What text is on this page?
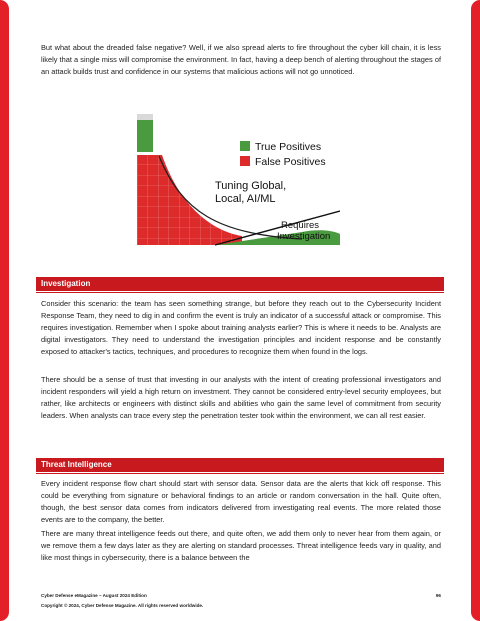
But what about the dreaded false negative? Well, if we also spread alerts to fire throughout the cyber kill chain, it is less likely that a single miss will compromise the environment. In fact, having a deep bench of alerting throughout the stages of an attack builds trust and confidence in our systems that malicious actions will not go unnoticed.

True Positives
False Positives
Tuning Global,
Local, AI/ML
Requires
Investigation
Investigation

Consider this scenario: the team has seen something strange, but before they reach out to the Cybersecurity Incident Response Team, they need to dig in and confirm the event is truly an indicator of a successful attack or compromise. This requires investigation. Remember when I spoke about training analysts earlier? This is where it needs to be. Analysts are digital investigators. They need to understand the investigation principles and incident response and be constantly exposed to attacker's tactics, techniques, and procedures to recognize them when found in the logs.

There should be a sense of trust that investing in our analysts with the intent of creating professional investigators and incident responders will yield a high return on investment. They cannot be considered entry-level security employees, but rather, like architects or engineers with distinct skills and abilities who gain the same level of commitment from security leaders. When analysts can trace every step the penetration tester took within the environment, we can all rest easier.

Threat Intelligence

Every incident response flow chart should start with sensor data. Sensor data are the alerts that kick off response. This could be everything from signature or behavioral findings to an article or random conversation in the hall. Quite often, though, the best sensor data comes from indicators delivered from investigating real events. The more related those events are to the company, the better.

There are many threat intelligence feeds out there, and quite often, we add them only to never hear from them again, or we remove them a few days later as they are alerting on standard processes. Threat intelligence feeds vary in quality, and like most things in cybersecurity, there is a balance between the

Cyber Defense eMagazine – August 2024 Edition	96
Copyright © 2024, Cyber Defense Magazine. All rights reserved worldwide.
